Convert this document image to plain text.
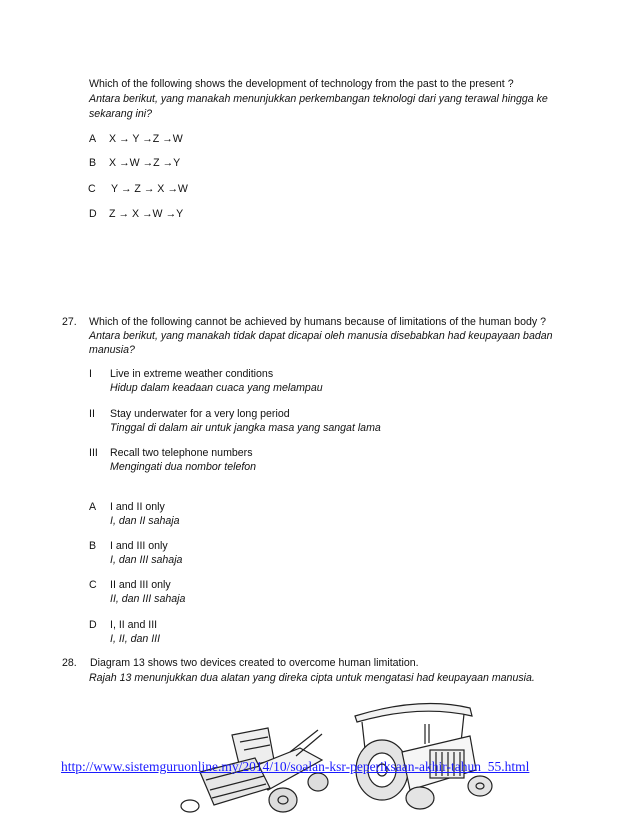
Which of the following shows the development of technology from the past to the present ?
Antara berikut, yang manakah menunjukkan perkembangan teknologi dari yang terawal hingga ke
sekarang ini?
A X → Y →Z →W
B X →W →Z →Y
C Y → Z → X →W
D Z → X →W →Y
27. Which of the following cannot be achieved by humans because of limitations of the human body ?
Antara berikut, yang manakah tidak dapat dicapai oleh manusia disebabkan had keupayaan badan
manusia?
I Live in extreme weather conditions
Hidup dalam keadaan cuaca yang melampau
II Stay underwater for a very long period
Tinggal di dalam air untuk jangka masa yang sangat lama
III Recall two telephone numbers
Mengingati dua nombor telefon
A I and II only
I, dan II sahaja
B I and III only
I, dan III sahaja
C II and III only
II, dan III sahaja
D I, II and III
I, II, dan III
28. Diagram 13 shows two devices created to overcome human limitation.
Rajah 13 menunjukkan dua alatan yang direka cipta untuk mengatasi had keupayaan manusia.
http://www.sistemguruonline.my/2014/10/soalan-ksr-peperiksaan-akhir-tahun_55.html
